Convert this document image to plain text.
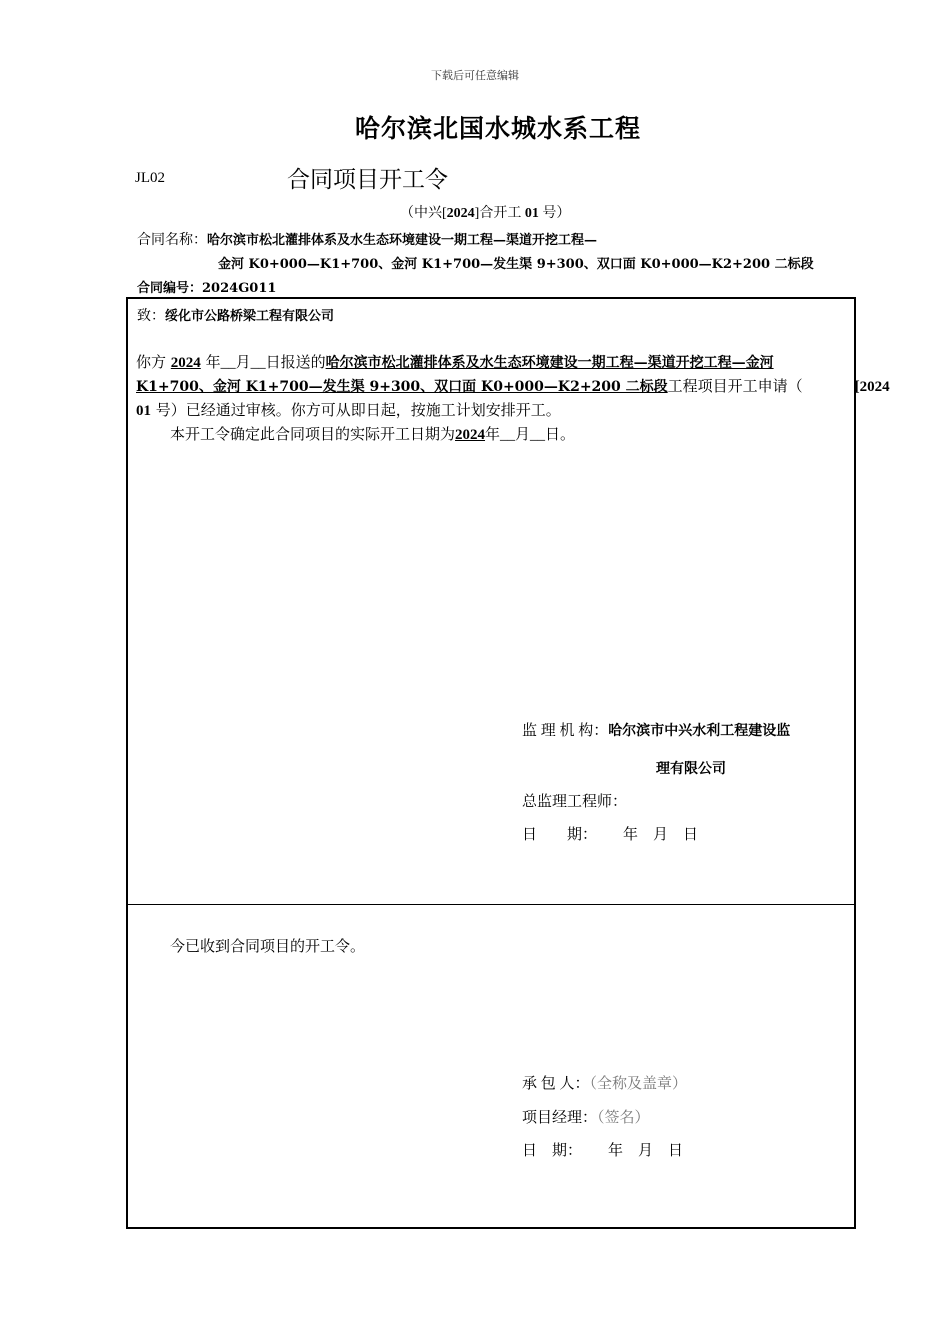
下载后可任意编辑
哈尔滨北国水城水系工程
JL02	合同项目开工令
（中兴[2024]合开工 01 号）
合同名称：哈尔滨市松北灌排体系及水生态环境建设一期工程—渠道开挖工程—
金河 K0+000—K1+700、金河 K1+700—发生渠 9+300、双口面 K0+000—K2+200 二标段
合同编号：2024G011
致：绥化市公路桥梁工程有限公司
你方 2024 年__月__日报送的哈尔滨市松北灌排体系及水生态环境建设一期工程—渠道开挖工程—金河
K1+700、金河 K1+700—发生渠 9+300、双口面 K0+000—K2+200 二标段工程项目开工申请（	[2024
01 号）已经通过审核。你方可从即日起，按施工计划安排开工。
本开工令确定此合同项目的实际开工日期为2024年__月__日。
监 理 机 构：哈尔滨市中兴水利工程建设监
理有限公司
总监理工程师：
日　　期： 年　月　日
今已收到合同项目的开工令。
承 包 人：（全称及盖章）
项目经理：（签名）
日　期： 年　月　日
